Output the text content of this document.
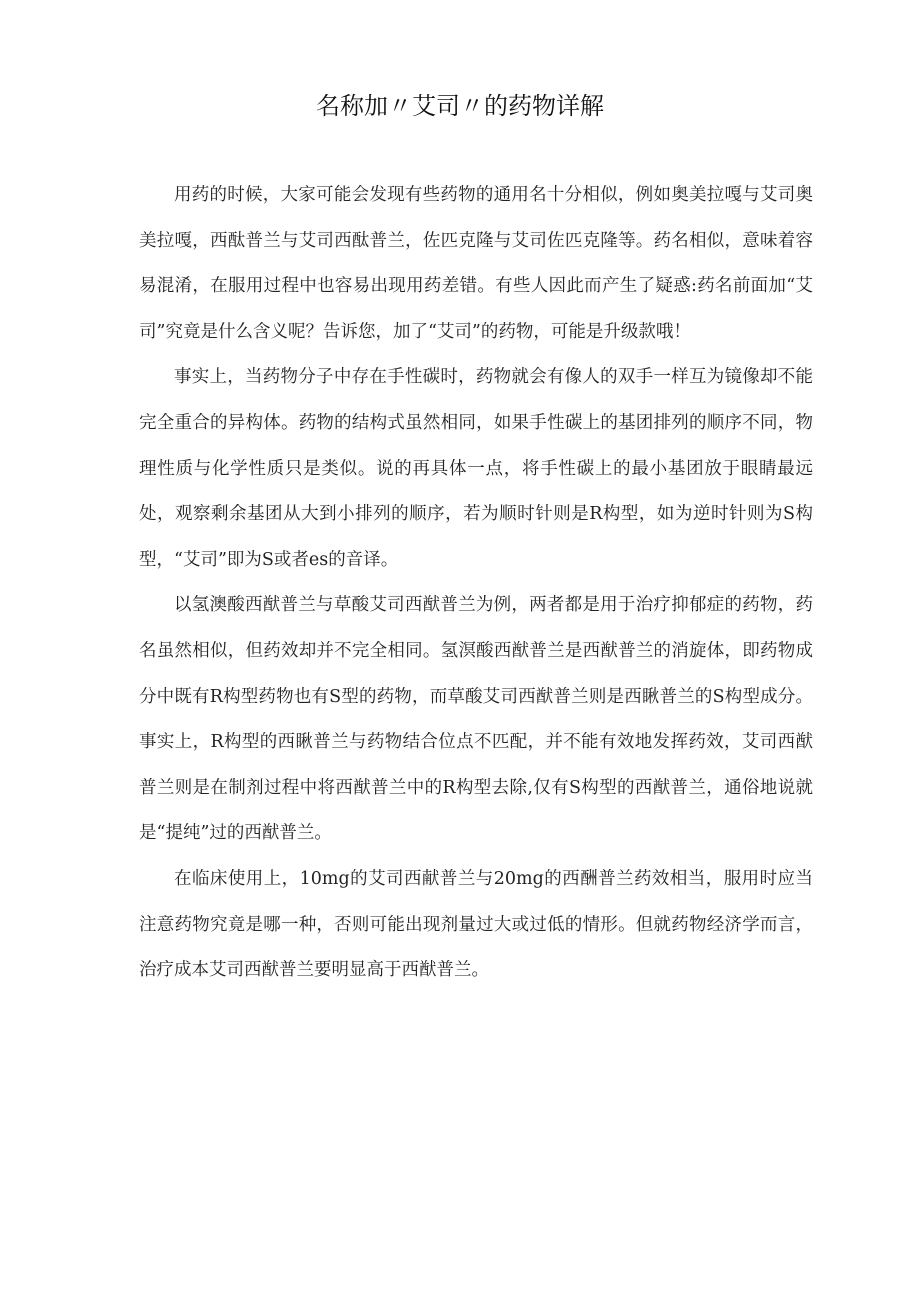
名称加〃艾司〃的药物详解

用药的时候，大家可能会发现有些药物的通用名十分相似，例如奥美拉嘎与艾司奥美拉嘎，西酞普兰与艾司西酞普兰，佐匹克隆与艾司佐匹克隆等。药名相似，意味着容易混淆，在服用过程中也容易出现用药差错。有些人因此而产生了疑惑:药名前面加“艾司”究竟是什么含义呢？告诉您，加了“艾司”的药物，可能是升级款哦！

事实上，当药物分子中存在手性碳时，药物就会有像人的双手一样互为镜像却不能完全重合的异构体。药物的结构式虽然相同，如果手性碳上的基团排列的顺序不同，物理性质与化学性质只是类似。说的再具体一点，将手性碳上的最小基团放于眼睛最远处，观察剩余基团从大到小排列的顺序，若为顺时针则是R构型，如为逆时针则为S构型，“艾司”即为S或者es的音译。

以氢澳酸西猷普兰与草酸艾司西猷普兰为例，两者都是用于治疗抑郁症的药物，药名虽然相似，但药效却并不完全相同。氢溟酸西猷普兰是西猷普兰的消旋体，即药物成分中既有R构型药物也有S型的药物，而草酸艾司西猷普兰则是西瞅普兰的S构型成分。事实上，R构型的西瞅普兰与药物结合位点不匹配，并不能有效地发挥药效，艾司西猷普兰则是在制剂过程中将西猷普兰中的R构型去除,仅有S构型的西猷普兰，通俗地说就是“提纯”过的西猷普兰。

在临床使用上，10mg的艾司西献普兰与20mg的西酬普兰药效相当，服用时应当注意药物究竟是哪一种，否则可能出现剂量过大或过低的情形。但就药物经济学而言，治疗成本艾司西猷普兰要明显高于西猷普兰。
